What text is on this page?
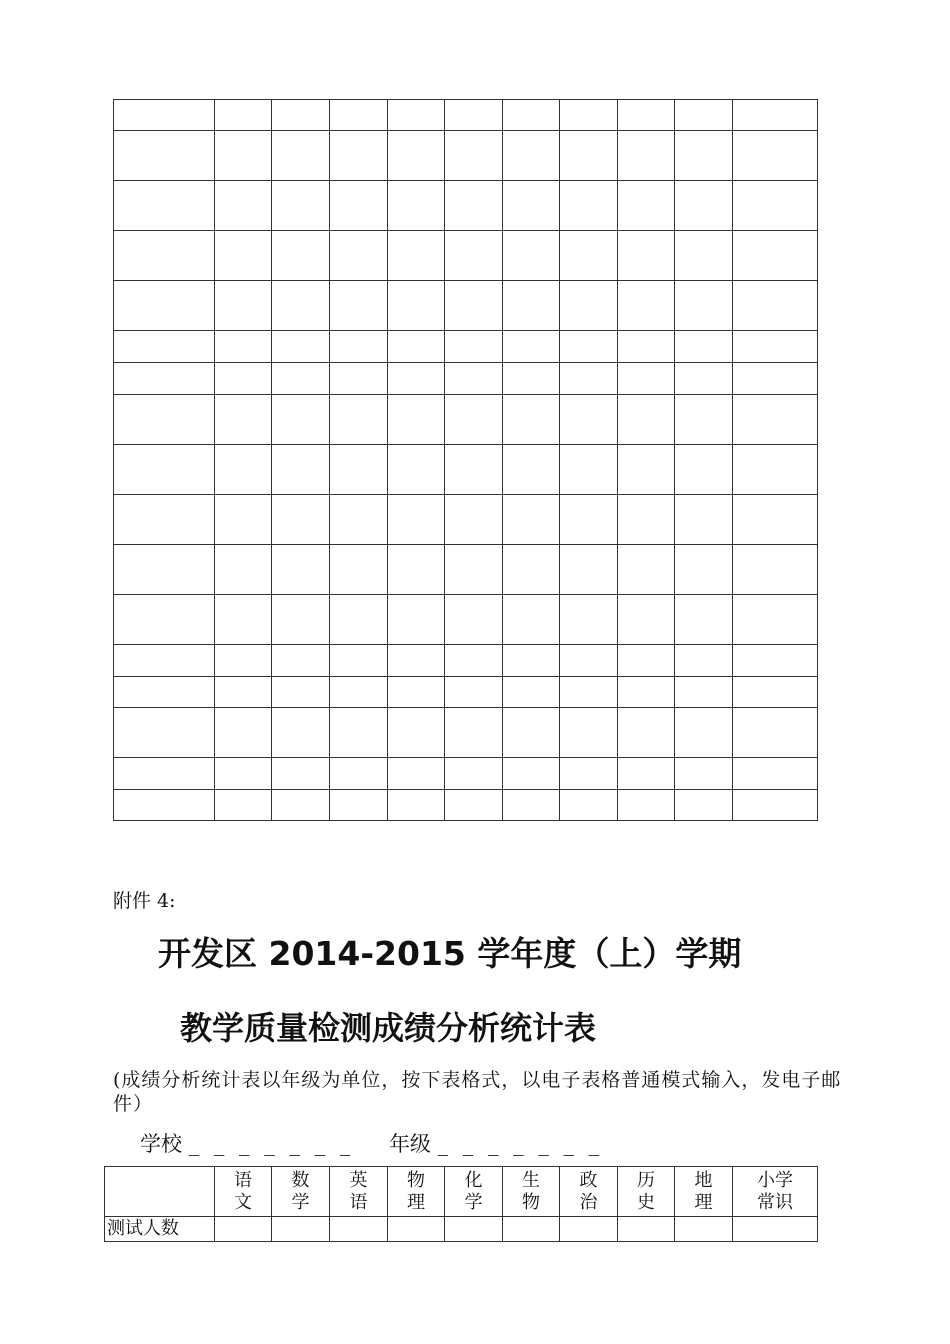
附件 4:
开发区 2014-2015 学年度（上）学期
教学质量检测成绩分析统计表
(成绩分析统计表以年级为单位，按下表格式，以电子表格普通模式输入，发电子邮件）
学校 _ _ _ _ _ _ _ 年级 _ _ _ _ _ _ _
	语文	数学	英语	物理	化学	生物	政治	历史	地理	小学常识
测试人数										
